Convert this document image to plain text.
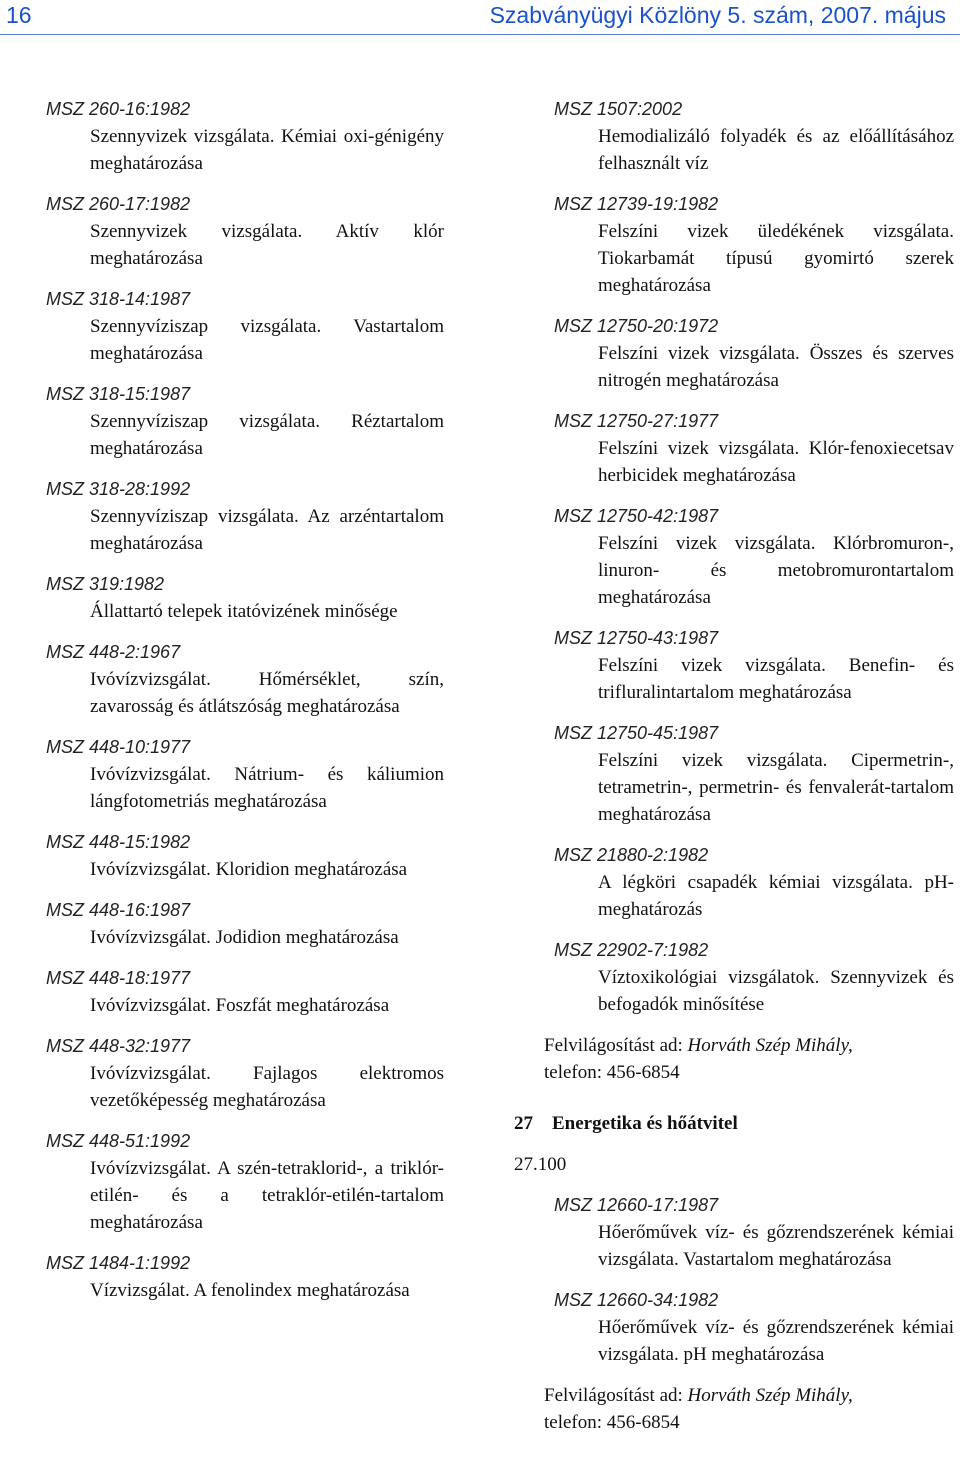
16	Szabványügyi Közlöny 5. szám, 2007. május
MSZ 260-16:1982
Szennyvizek vizsgálata. Kémiai oxi-génigény meghatározása
MSZ 260-17:1982
Szennyvizek vizsgálata. Aktív klór meghatározása
MSZ 318-14:1987
Szennyvíziszap vizsgálata. Vastartalom meghatározása
MSZ 318-15:1987
Szennyvíziszap vizsgálata. Réztartalom meghatározása
MSZ 318-28:1992
Szennyvíziszap vizsgálata. Az arzéntartalom meghatározása
MSZ 319:1982
Állattartó telepek itatóvizének minősége
MSZ 448-2:1967
Ivóvízvizsgálat. Hőmérséklet, szín, zavarosság és átlátszóság meghatározása
MSZ 448-10:1977
Ivóvízvizsgálat. Nátrium- és káliumion lángfotometriás meghatározása
MSZ 448-15:1982
Ivóvízvizsgálat. Kloridion meghatározása
MSZ 448-16:1987
Ivóvízvizsgálat. Jodidion meghatározása
MSZ 448-18:1977
Ivóvízvizsgálat. Foszfát meghatározása
MSZ 448-32:1977
Ivóvízvizsgálat. Fajlagos elektromos vezetőképesség meghatározása
MSZ 448-51:1992
Ivóvízvizsgálat. A szén-tetraklorid-, a triklór-etilén- és a tetraklór-etilén-tartalom meghatározása
MSZ 1484-1:1992
Vízvizsgálat. A fenolindex meghatározása
MSZ 1507:2002
Hemodializáló folyadék és az előállításához felhasznált víz
MSZ 12739-19:1982
Felszíni vizek üledékének vizsgálata. Tiokarbamát típusú gyomirtó szerek meghatározása
MSZ 12750-20:1972
Felszíni vizek vizsgálata. Összes és szerves nitrogén meghatározása
MSZ 12750-27:1977
Felszíni vizek vizsgálata. Klór-fenoxiecetsav herbicidek meghatározása
MSZ 12750-42:1987
Felszíni vizek vizsgálata. Klórbromuron-, linuron- és metobromurontartalom meghatározása
MSZ 12750-43:1987
Felszíni vizek vizsgálata. Benefin- és trifluralintartalom meghatározása
MSZ 12750-45:1987
Felszíni vizek vizsgálata. Cipermetrin-, tetrametrin-, permetrin- és fenvalerát-tartalom meghatározása
MSZ 21880-2:1982
A légköri csapadék kémiai vizsgálata. pH-meghatározás
MSZ 22902-7:1982
Víztoxikológiai vizsgálatok. Szennyvizek és befogadók minősítése
Felvilágosítást ad: Horváth Szép Mihály,
telefon: 456-6854
27 Energetika és hőátvitel
27.100
MSZ 12660-17:1987
Hőerőművek víz- és gőzrendszerének kémiai vizsgálata. Vastartalom meghatározása
MSZ 12660-34:1982
Hőerőművek víz- és gőzrendszerének kémiai vizsgálata. pH meghatározása
Felvilágosítást ad: Horváth Szép Mihály,
telefon: 456-6854
